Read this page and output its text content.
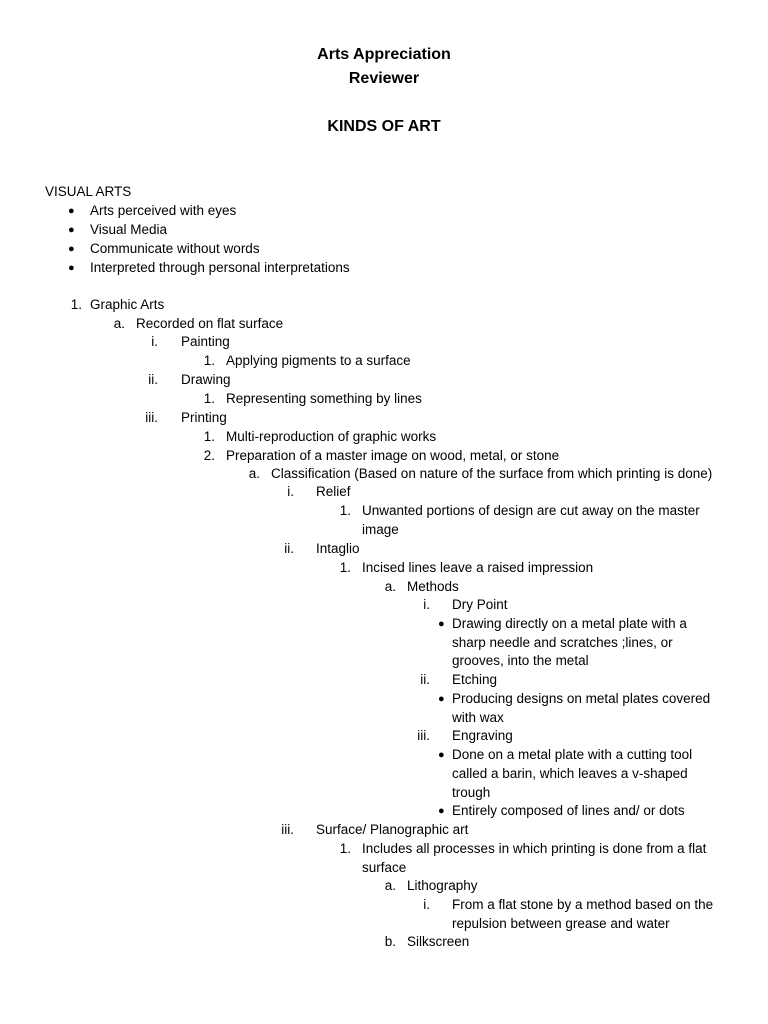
Arts Appreciation
Reviewer
KINDS OF ART
VISUAL ARTS
● Arts perceived with eyes
● Visual Media
● Communicate without words
● Interpreted through personal interpretations
1. Graphic Arts
a. Recorded on flat surface
i. Painting
1. Applying pigments to a surface
ii. Drawing
1. Representing something by lines
iii. Printing
1. Multi-reproduction of graphic works
2. Preparation of a master image on wood, metal, or stone
a. Classification (Based on nature of the surface from which printing is done)
i. Relief
1. Unwanted portions of design are cut away on the master
image
ii. Intaglio
1. Incised lines leave a raised impression
a. Methods
i. Dry Point
● Drawing directly on a metal plate with a
sharp needle and scratches ;lines, or
grooves, into the metal
ii. Etching
● Producing designs on metal plates covered
with wax
iii. Engraving
● Done on a metal plate with a cutting tool
called a barin, which leaves a v-shaped
trough
● Entirely composed of lines and/ or dots
iii. Surface/ Planographic art
1. Includes all processes in which printing is done from a flat
surface
a. Lithography
i. From a flat stone by a method based on the
repulsion between grease and water
b. Silkscreen
